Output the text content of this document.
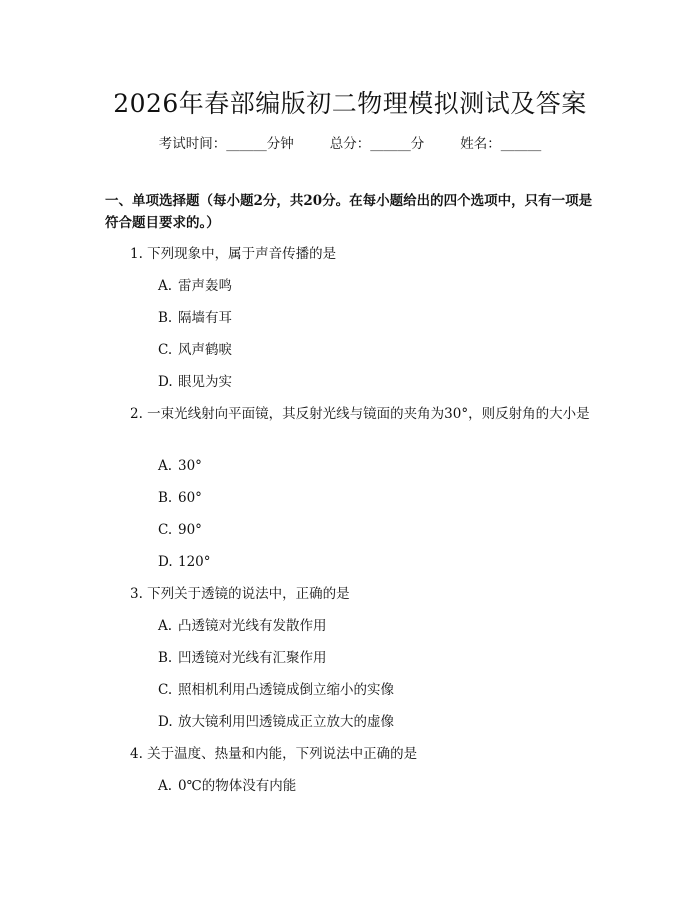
2026年春部编版初二物理模拟测试及答案
考试时间：______分钟	总分：______分	姓名：______
一、单项选择题（每小题2分，共20分。在每小题给出的四个选项中，只有一项是符合题目要求的。）
1. 下列现象中，属于声音传播的是
A. 雷声轰鸣
B. 隔墙有耳
C. 风声鹤唳
D. 眼见为实
2. 一束光线射向平面镜，其反射光线与镜面的夹角为30°，则反射角的大小是
A. 30°
B. 60°
C. 90°
D. 120°
3. 下列关于透镜的说法中，正确的是
A. 凸透镜对光线有发散作用
B. 凹透镜对光线有汇聚作用
C. 照相机利用凸透镜成倒立缩小的实像
D. 放大镜利用凹透镜成正立放大的虚像
4. 关于温度、热量和内能，下列说法中正确的是
A. 0℃的物体没有内能
